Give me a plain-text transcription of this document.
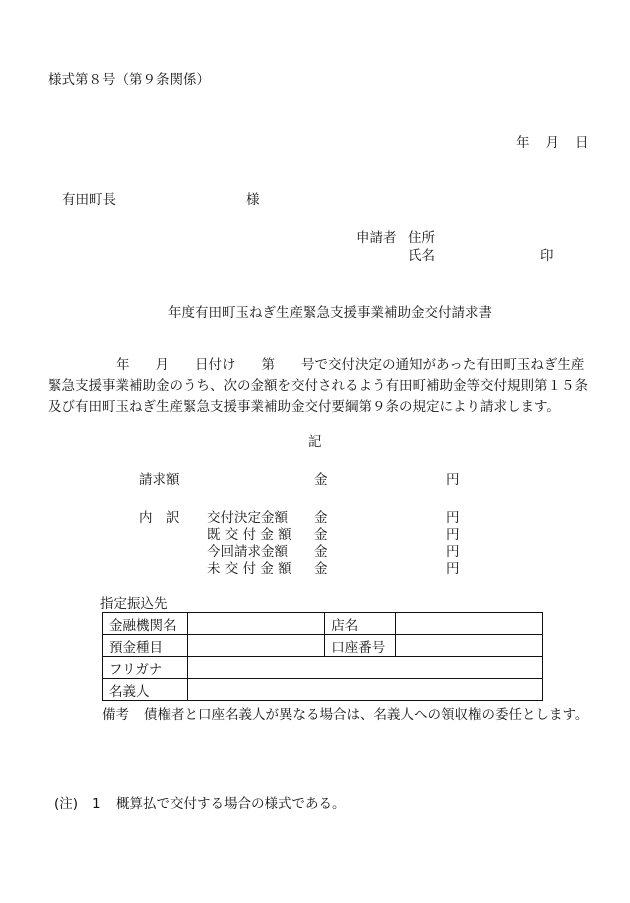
様式第８号（第９条関係）
年 月 日
有田町長	様
申請者 住所
氏名	印
年度有田町玉ねぎ生産緊急支援事業補助金交付請求書
年 月 日付け 第 号で交付決定の通知があった有田町玉ねぎ生産
緊急支援事業補助金のうち、次の金額を交付されるよう有田町補助金等交付規則第１５条
及び有田町玉ねぎ生産緊急支援事業補助金交付要綱第９条の規定により請求します。
記
請求額	金	円
内　訳 交付決定金額 金	円
既 交 付 金 額 金	円
今回請求金額 金	円
未 交 付 金 額 金	円
指定振込先
金融機関名		店名	
預金種目		口座番号	
フリガナ			
名義人			
備考 債権者と口座名義人が異なる場合は、名義人への領収権の委任とします。
(注) 1 概算払で交付する場合の様式である。
